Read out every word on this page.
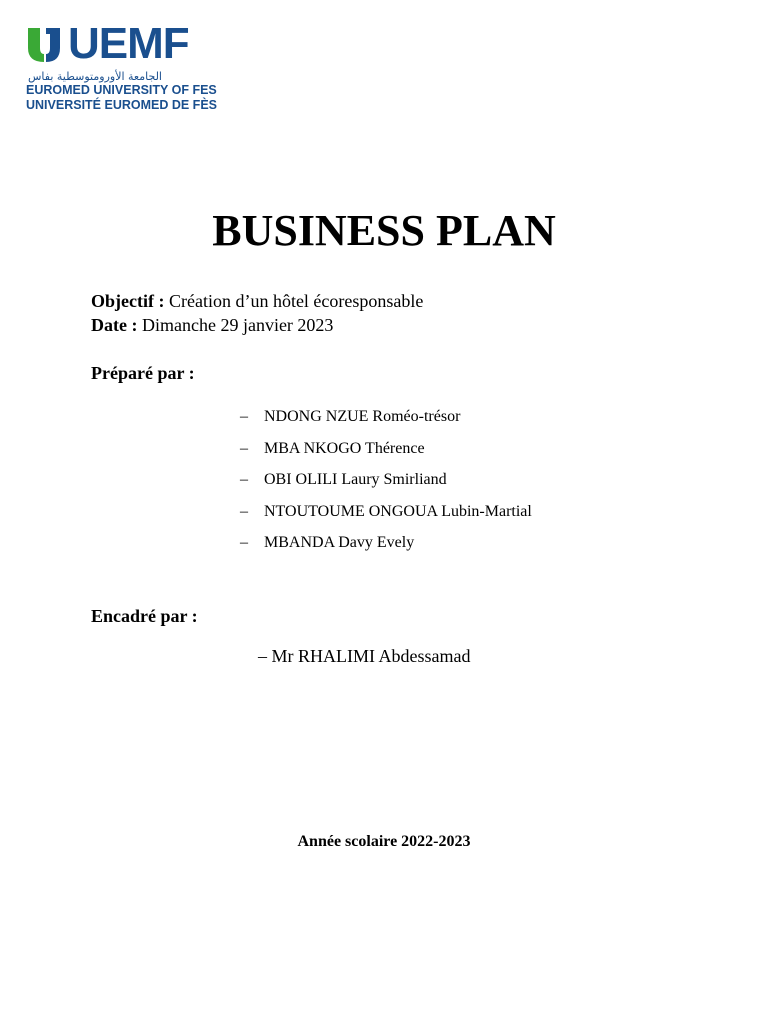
UEMF
الجامعة الأورومتوسطية بفاس
EUROMED UNIVERSITY OF FES
UNIVERSITÉ EUROMED DE FÈS
BUSINESS PLAN
Objectif : Création d’un hôtel écoresponsable
Date : Dimanche 29 janvier 2023
Préparé par :
–	NDONG NZUE Roméo-trésor
–	MBA NKOGO Thérence
–	OBI OLILI Laury Smirliand
–	NTOUTOUME ONGOUA Lubin-Martial
–	MBANDA Davy Evely
Encadré par :
– Mr RHALIMI Abdessamad
Année scolaire 2022-2023
